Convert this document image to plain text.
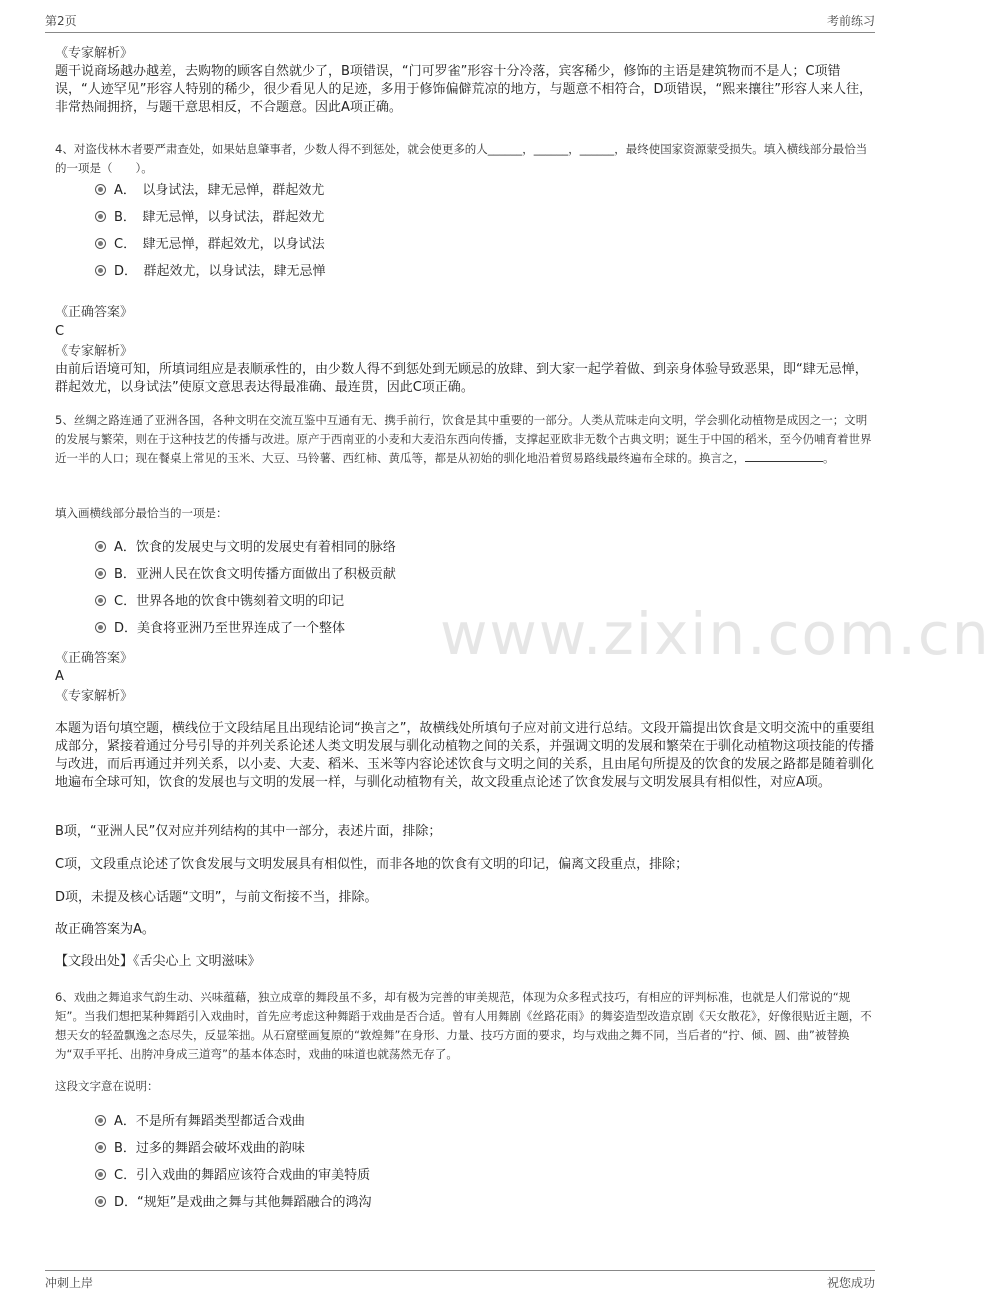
第2页	考前练习
www.zixin.com.cn
《专家解析》

题干说商场越办越差，去购物的顾客自然就少了，B项错误，“门可罗雀”形容十分冷落，宾客稀少，修饰的主语是建筑物而不是人；C项错误，“人迹罕见”形容人特别的稀少，很少看见人的足迹，多用于修饰偏僻荒凉的地方，与题意不相符合，D项错误，“熙来攘往”形容人来人往，非常热闹拥挤，与题干意思相反，不合题意。因此A项正确。

4、对盗伐林木者要严肃查处，如果姑息肇事者，少数人得不到惩处，就会使更多的人______，______，______，最终使国家资源蒙受损失。填入横线部分最恰当的一项是（　　）。
A．　以身试法，肆无忌惮，群起效尤
B．　肆无忌惮，以身试法，群起效尤
C．　肆无忌惮，群起效尤，以身试法
D．　群起效尤，以身试法，肆无忌惮
《正确答案》
C
《专家解析》
由前后语境可知，所填词组应是表顺承性的，由少数人得不到惩处到无顾忌的放肆、到大家一起学着做、到亲身体验导致恶果，即“肆无忌惮，群起效尤，以身试法”使原文意思表达得最准确、最连贯，因此C项正确。
5、丝绸之路连通了亚洲各国，各种文明在交流互鉴中互通有无、携手前行，饮食是其中重要的一部分。人类从荒味走向文明，学会驯化动植物是成因之一；文明的发展与繁荣，则在于这种技艺的传播与改进。原产于西南亚的小麦和大麦沿东西向传播，支撑起亚欧非无数个古典文明；诞生于中国的稻米，至今仍哺育着世界近一半的人口；现在餐桌上常见的玉米、大豆、马铃薯、西红柿、黄瓜等，都是从初始的驯化地沿着贸易路线最终遍布全球的。换言之，	。
填入画横线部分最恰当的一项是：
A．饮食的发展史与文明的发展史有着相同的脉络
B．亚洲人民在饮食文明传播方面做出了积极贡献
C．世界各地的饮食中镌刻着文明的印记
D．美食将亚洲乃至世界连成了一个整体
《正确答案》
A
《专家解析》
本题为语句填空题，横线位于文段结尾且出现结论词“换言之”，故横线处所填句子应对前文进行总结。文段开篇提出饮食是文明交流中的重要组成部分，紧接着通过分号引导的并列关系论述人类文明发展与驯化动植物之间的关系，并强调文明的发展和繁荣在于驯化动植物这项技能的传播与改进，而后再通过并列关系，以小麦、大麦、稻米、玉米等内容论述饮食与文明之间的关系，且由尾句所提及的饮食的发展之路都是随着驯化地遍布全球可知，饮食的发展也与文明的发展一样，与驯化动植物有关，故文段重点论述了饮食发展与文明发展具有相似性，对应A项。
B项，“亚洲人民”仅对应并列结构的其中一部分，表述片面，排除；
C项，文段重点论述了饮食发展与文明发展具有相似性，而非各地的饮食有文明的印记，偏离文段重点，排除；
D项，未提及核心话题“文明”，与前文衔接不当，排除。
故正确答案为A。
【文段出处】《舌尖心上 文明滋味》
6、戏曲之舞追求气韵生动、兴味蕴藉，独立成章的舞段虽不多，却有极为完善的审美规范，体现为众多程式技巧，有相应的评判标准，也就是人们常说的“规矩”。当我们想把某种舞蹈引入戏曲时，首先应考虑这种舞蹈于戏曲是否合适。曾有人用舞剧《丝路花雨》的舞姿造型改造京剧《天女散花》，好像很贴近主题，不想天女的轻盈飘逸之态尽失，反显笨拙。从石窟壁画复原的“敦煌舞”在身形、力量、技巧方面的要求，均与戏曲之舞不同，当后者的“拧、倾、圆、曲”被替换为“双手平托、出胯冲身成三道弯”的基本体态时，戏曲的味道也就荡然无存了。
这段文字意在说明：
A．不是所有舞蹈类型都适合戏曲
B．过多的舞蹈会破坏戏曲的韵味
C．引入戏曲的舞蹈应该符合戏曲的审美特质
D．“规矩”是戏曲之舞与其他舞蹈融合的鸿沟
冲刺上岸	祝您成功
